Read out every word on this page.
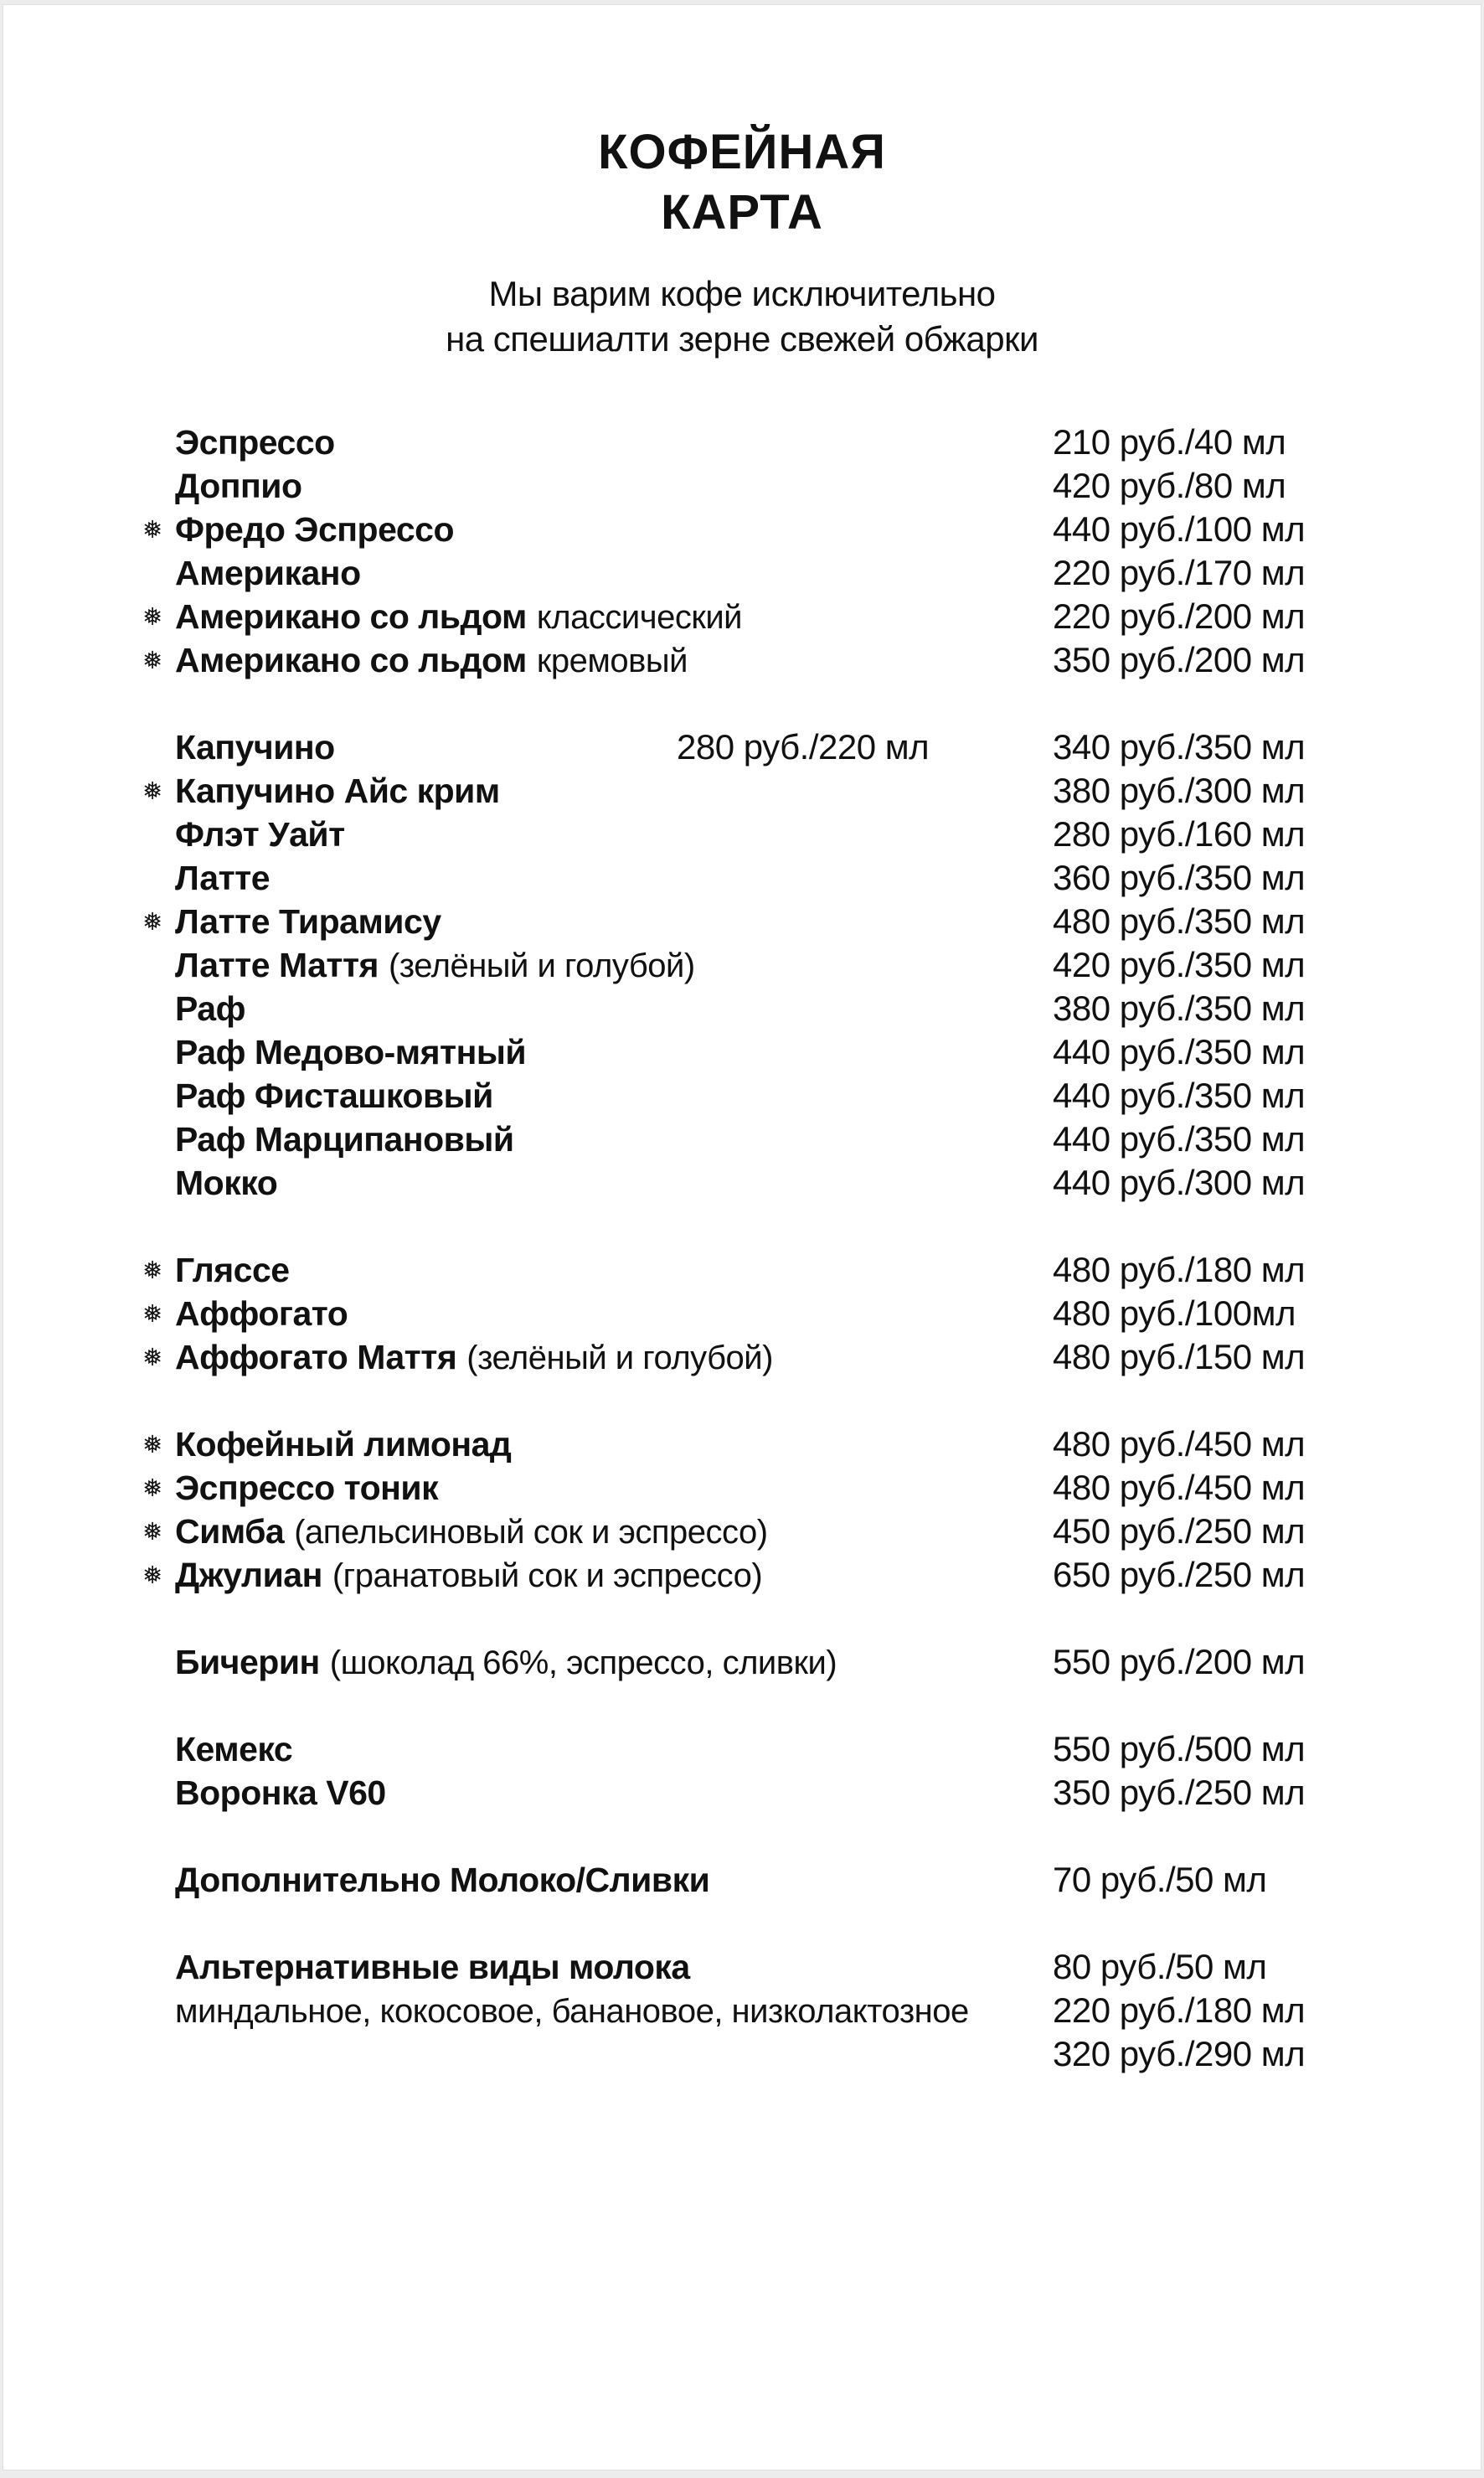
КОФЕЙНАЯ
КАРТА
Мы варим кофе исключительно
на спешиалти зерне свежей обжарки
Эспрессо	210 руб./40 мл
Доппио	420 руб./80 мл
❅ Фредо Эспрессо	440 руб./100 мл
Американо	220 руб./170 мл
❅ Американо со льдом классический	220 руб./200 мл
❅ Американо со льдом кремовый	350 руб./200 мл
Капучино	280 руб./220 мл	340 руб./350 мл
❅ Капучино Айс крим	380 руб./300 мл
Флэт Уайт	280 руб./160 мл
Латте	360 руб./350 мл
❅ Латте Тирамису	480 руб./350 мл
Латте Маття (зелёный и голубой)	420 руб./350 мл
Раф	380 руб./350 мл
Раф Медово-мятный	440 руб./350 мл
Раф Фисташковый	440 руб./350 мл
Раф Марципановый	440 руб./350 мл
Мокко	440 руб./300 мл
❅ Гляссе	480 руб./180 мл
❅ Аффогато	480 руб./100мл
❅ Аффогато Маття (зелёный и голубой)	480 руб./150 мл
❅ Кофейный лимонад	480 руб./450 мл
❅ Эспрессо тоник	480 руб./450 мл
❅ Симба (апельсиновый сок и эспрессо)	450 руб./250 мл
❅ Джулиан (гранатовый сок и эспрессо)	650 руб./250 мл
Бичерин (шоколад 66%, эспрессо, сливки)	550 руб./200 мл
Кемекс	550 руб./500 мл
Воронка V60	350 руб./250 мл
Дополнительно Молоко/Сливки	70 руб./50 мл
Альтернативные виды молока	80 руб./50 мл
миндальное, кокосовое, банановое, низколактозное 220 руб./180 мл
320 руб./290 мл
